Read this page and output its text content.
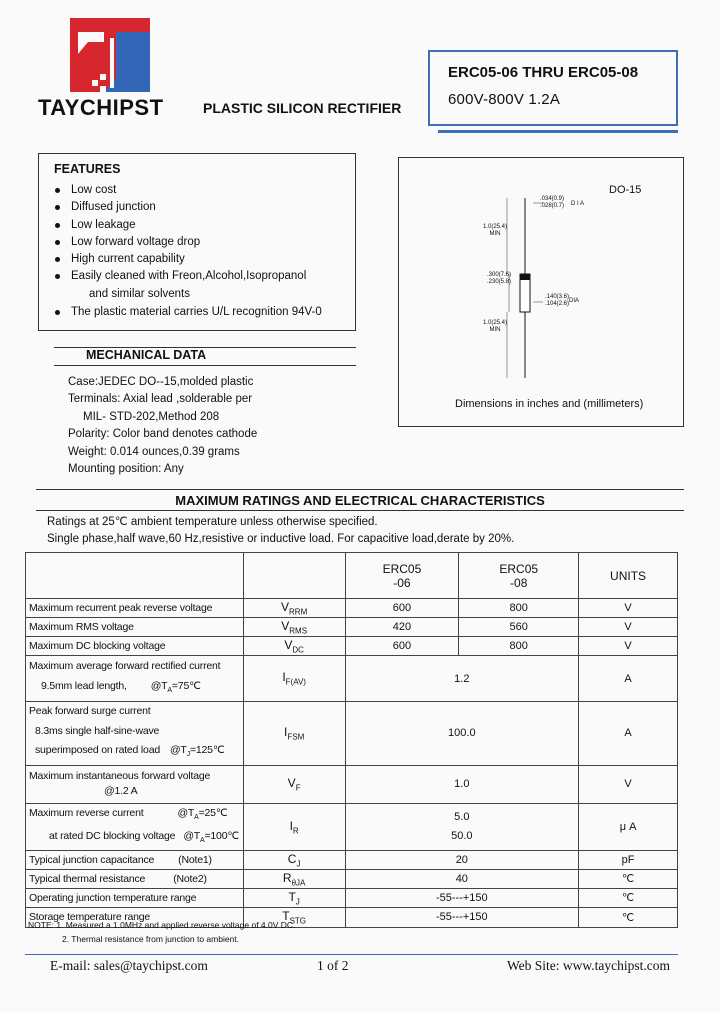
TAYCHIPST	PLASTIC SILICON RECTIFIER
ERC05-06 THRU ERC05-08
600V-800V 1.2A
FEATURES
Low cost
Diffused junction
Low leakage
Low forward voltage drop
High current capability
Easily cleaned with Freon,Alcohol,Isopropanol
and similar solvents
The plastic material carries U/L recognition 94V-0
DO-15
.034(0.9)
.028(0.7) D I A
1.0(25.4)
MIN
.300(7.6)
.230(5.8)
.140(3.6)
.104(2.6) DIA
1.0(25.4)
MIN
Dimensions in inches and (millimeters)
MECHANICAL DATA
Case:JEDEC DO--15,molded plastic
Terminals: Axial lead ,solderable per
MIL- STD-202,Method 208
Polarity: Color band denotes cathode
Weight: 0.014 ounces,0.39 grams
Mounting position: Any
MAXIMUM RATINGS AND ELECTRICAL CHARACTERISTICS
Ratings at 25℃ ambient temperature unless otherwise specified.
Single phase,half wave,60 Hz,resistive or inductive load. For capacitive load,derate by 20%.
		ERC05
-06	ERC05
-08	UNITS
Maximum recurrent peak reverse voltage	$V_{RRM}$	600	800	V
Maximum RMS voltage	$V_{RMS}$	420	560	V
Maximum DC blocking voltage	$V_{DC}$	600	800	V
Maximum average forward rectified current
9.5mm lead length, $@T_A=75℃$	$I_{F(AV)}$	1.2		A
Peak forward surge current
8.3ms single half-sine-wave
superimposed on rated load $@T_J=125℃$	$I_{FSM}$	100.0		A
Maximum instantaneous forward voltage
@1.2 A	$V_F$	1.0		V
Maximum reverse current $@T_A=25℃$
at rated DC blocking voltage $@T_A=100℃$	$I_R$	5.0
50.0		μ A
Typical junction capacitance (Note1)	$C_J$	20		pF
Typical thermal resistance (Note2)	$R_{\theta JA}$	40		℃
Operating junction temperature range	$T_J$	-55---+150		℃
Storage temperature range	$T_{STG}$	-55---+150		℃
NOTE: 1. Measured a 1.0MHz and applied reverse voltage of 4.0V DC.
2. Thermal resistance from junction to ambient.
E-mail: sales@taychipst.com	1 of 2	Web Site: www.taychipst.com
